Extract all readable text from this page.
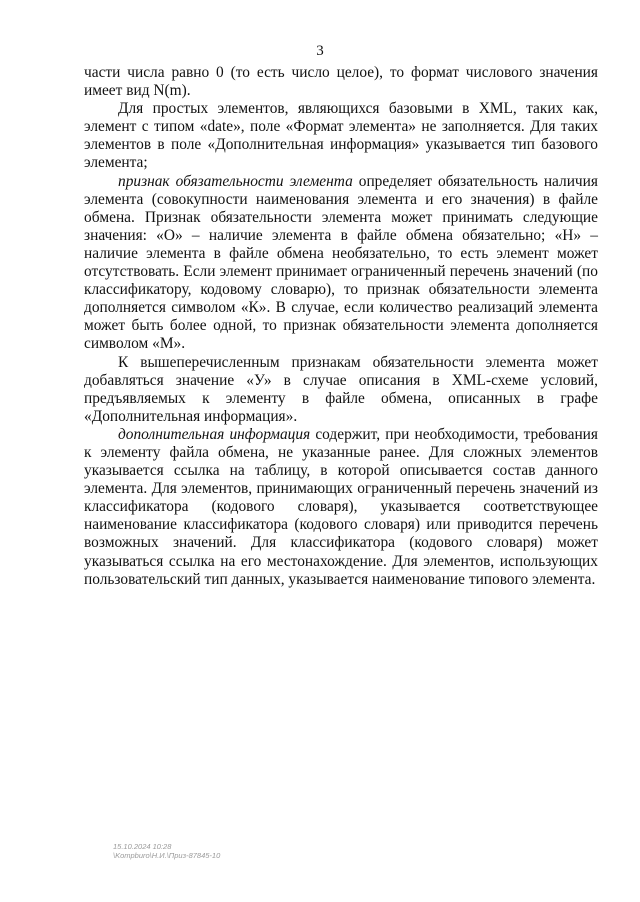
3

части числа равно 0 (то есть число целое), то формат числового значения имеет вид N(m).

Для простых элементов, являющихся базовыми в XML, таких как, элемент с типом «date», поле «Формат элемента» не заполняется. Для таких элементов в поле «Дополнительная информация» указывается тип базового элемента;

признак обязательности элемента определяет обязательность наличия элемента (совокупности наименования элемента и его значения) в файле обмена. Признак обязательности элемента может принимать следующие значения: «О» – наличие элемента в файле обмена обязательно; «Н» – наличие элемента в файле обмена необязательно, то есть элемент может отсутствовать. Если элемент принимает ограниченный перечень значений (по классификатору, кодовому словарю), то признак обязательности элемента дополняется символом «К». В случае, если количество реализаций элемента может быть более одной, то признак обязательности элемента дополняется символом «М».

К вышеперечисленным признакам обязательности элемента может добавляться значение «У» в случае описания в XML-схеме условий, предъявляемых к элементу в файле обмена, описанных в графе «Дополнительная информация».

дополнительная информация содержит, при необходимости, требования к элементу файла обмена, не указанные ранее. Для сложных элементов указывается ссылка на таблицу, в которой описывается состав данного элемента. Для элементов, принимающих ограниченный перечень значений из классификатора (кодового словаря), указывается соответствующее наименование классификатора (кодового словаря) или приводится перечень возможных значений. Для классификатора (кодового словаря) может указываться ссылка на его местонахождение. Для элементов, использующих пользовательский тип данных, указывается наименование типового элемента.

15.10.2024 10:28
\Kompburo\Н.И.\Приз-87845-10
